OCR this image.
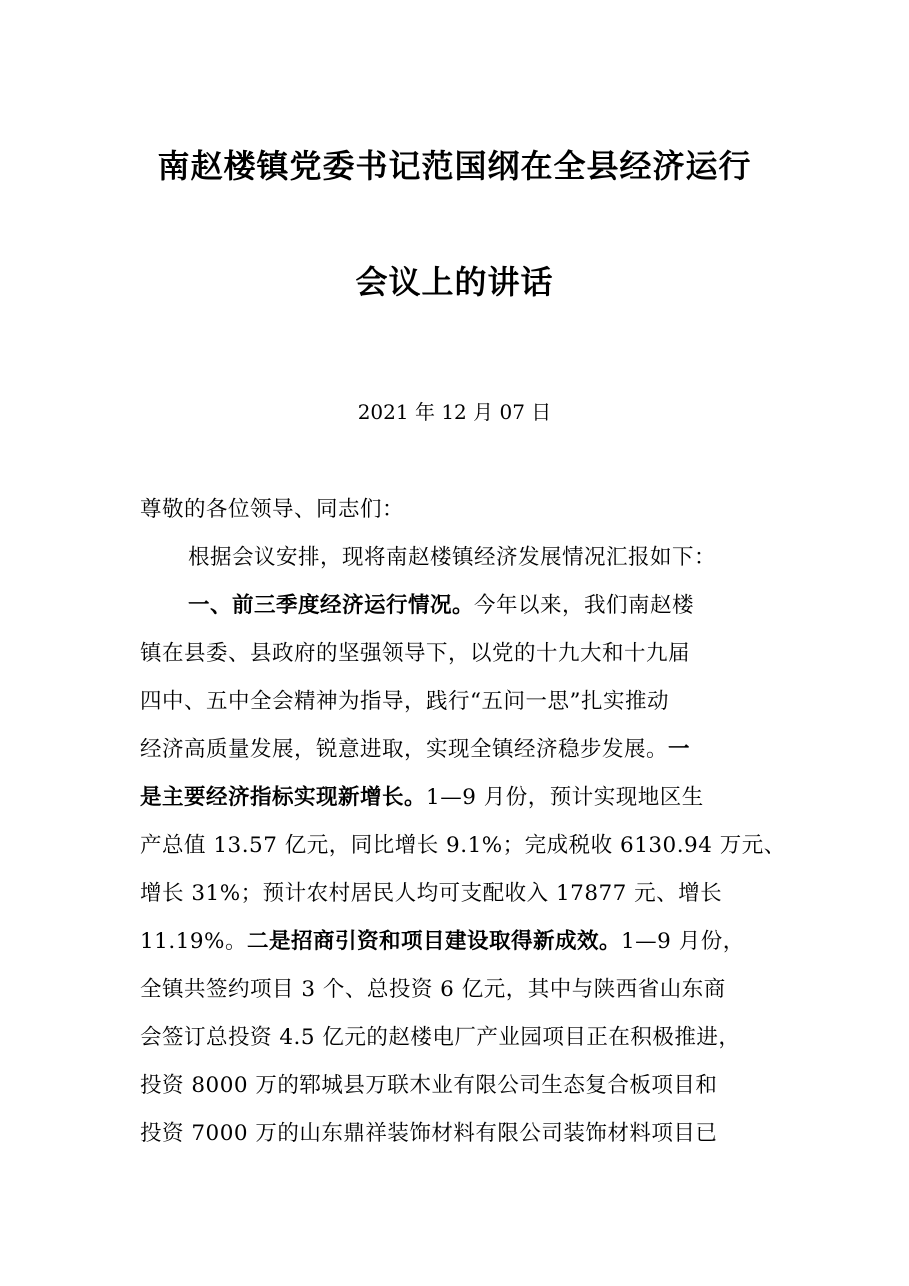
南赵楼镇党委书记范国纲在全县经济运行
会议上的讲话
2021 年 12 月 07 日
尊敬的各位领导、同志们：
根据会议安排，现将南赵楼镇经济发展情况汇报如下：
一、前三季度经济运行情况。今年以来，我们南赵楼
镇在县委、县政府的坚强领导下，以党的十九大和十九届
四中、五中全会精神为指导，践行“五问一思”扎实推动
经济高质量发展，锐意进取，实现全镇经济稳步发展。一
是主要经济指标实现新增长。1—9 月份，预计实现地区生
产总值 13.57 亿元，同比增长 9.1%；完成税收 6130.94 万元、
增长 31%；预计农村居民人均可支配收入 17877 元、增长
11.19%。二是招商引资和项目建设取得新成效。1—9 月份，
全镇共签约项目 3 个、总投资 6 亿元，其中与陕西省山东商
会签订总投资 4.5 亿元的赵楼电厂产业园项目正在积极推进，
投资 8000 万的郓城县万联木业有限公司生态复合板项目和
投资 7000 万的山东鼎祥装饰材料有限公司装饰材料项目已
